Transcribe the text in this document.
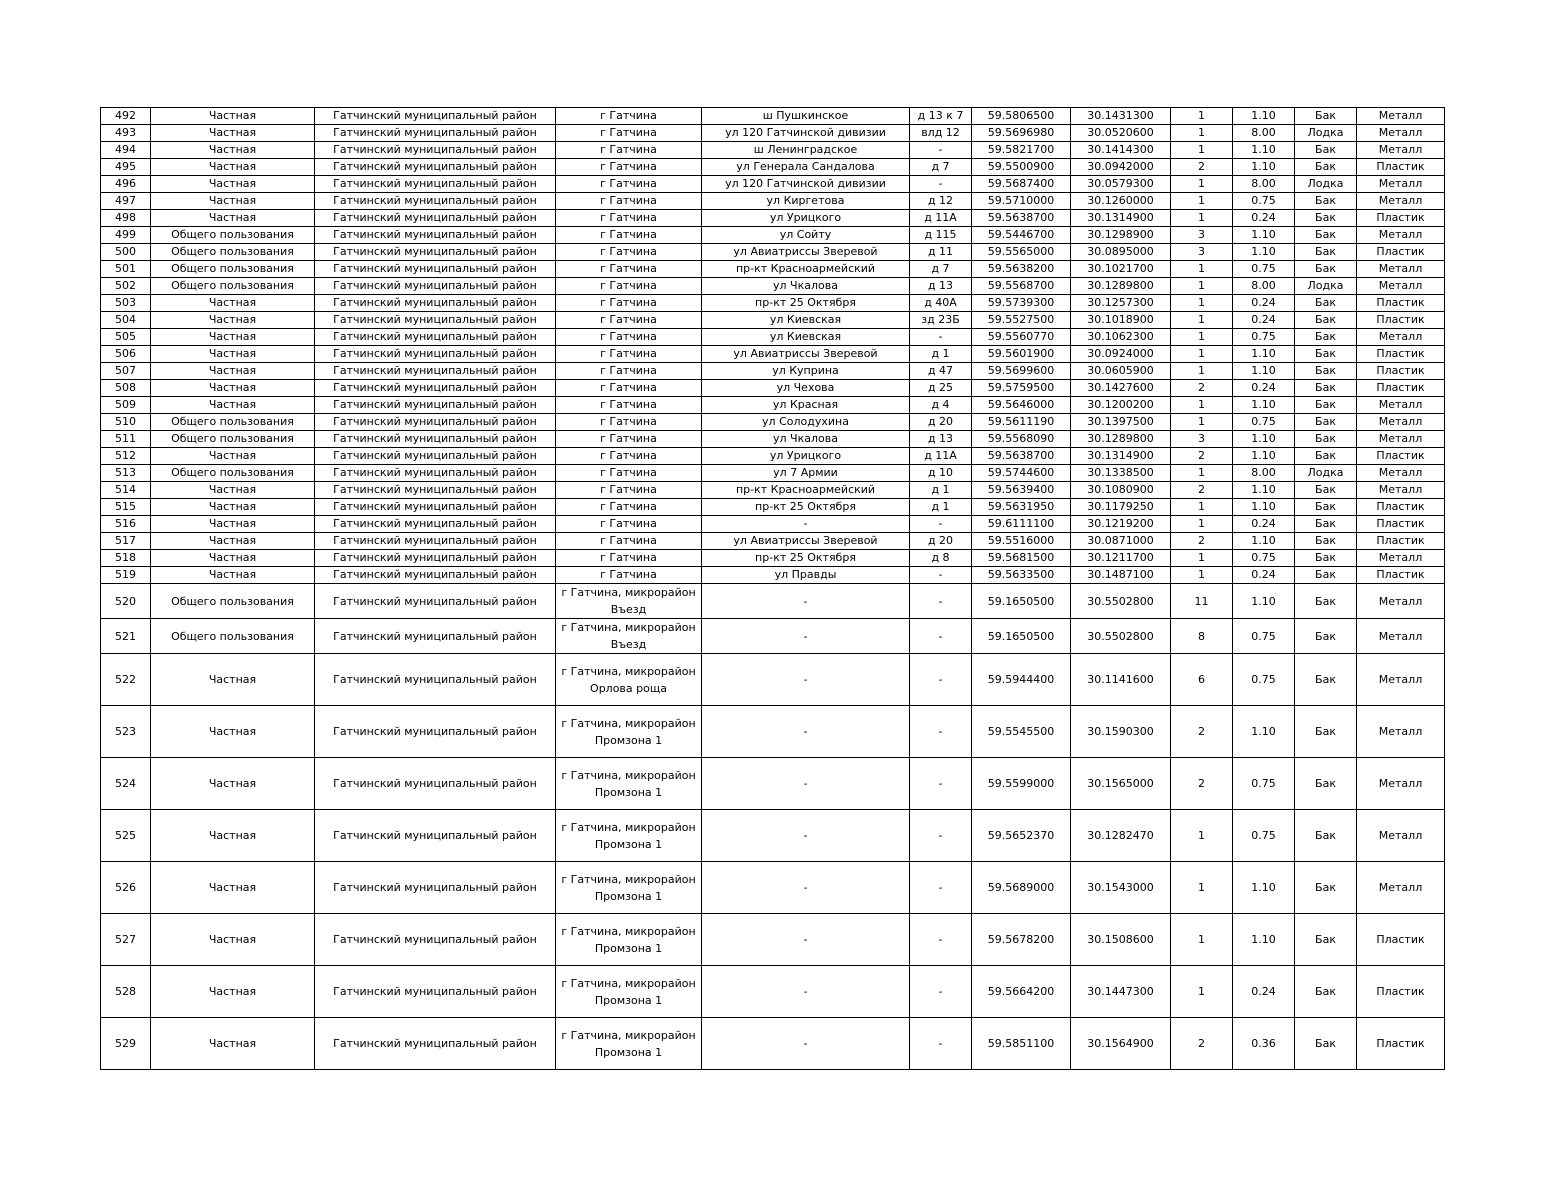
492	Частная	Гатчинский муниципальный район	г Гатчина	ш Пушкинское	д 13 к 7	59.5806500	30.1431300	1	1.10	Бак	Металл
493	Частная	Гатчинский муниципальный район	г Гатчина	ул 120 Гатчинской дивизии	влд 12	59.5696980	30.0520600	1	8.00	Лодка	Металл
494	Частная	Гатчинский муниципальный район	г Гатчина	ш Ленинградское	-	59.5821700	30.1414300	1	1.10	Бак	Металл
495	Частная	Гатчинский муниципальный район	г Гатчина	ул Генерала Сандалова	д 7	59.5500900	30.0942000	2	1.10	Бак	Пластик
496	Частная	Гатчинский муниципальный район	г Гатчина	ул 120 Гатчинской дивизии	-	59.5687400	30.0579300	1	8.00	Лодка	Металл
497	Частная	Гатчинский муниципальный район	г Гатчина	ул Киргетова	д 12	59.5710000	30.1260000	1	0.75	Бак	Металл
498	Частная	Гатчинский муниципальный район	г Гатчина	ул Урицкого	д 11А	59.5638700	30.1314900	1	0.24	Бак	Пластик
499	Общего пользования	Гатчинский муниципальный район	г Гатчина	ул Сойту	д 115	59.5446700	30.1298900	3	1.10	Бак	Металл
500	Общего пользования	Гатчинский муниципальный район	г Гатчина	ул Авиатриссы Зверевой	д 11	59.5565000	30.0895000	3	1.10	Бак	Пластик
501	Общего пользования	Гатчинский муниципальный район	г Гатчина	пр-кт Красноармейский	д 7	59.5638200	30.1021700	1	0.75	Бак	Металл
502	Общего пользования	Гатчинский муниципальный район	г Гатчина	ул Чкалова	д 13	59.5568700	30.1289800	1	8.00	Лодка	Металл
503	Частная	Гатчинский муниципальный район	г Гатчина	пр-кт 25 Октября	д 40А	59.5739300	30.1257300	1	0.24	Бак	Пластик
504	Частная	Гатчинский муниципальный район	г Гатчина	ул Киевская	зд 23Б	59.5527500	30.1018900	1	0.24	Бак	Пластик
505	Частная	Гатчинский муниципальный район	г Гатчина	ул Киевская	-	59.5560770	30.1062300	1	0.75	Бак	Металл
506	Частная	Гатчинский муниципальный район	г Гатчина	ул Авиатриссы Зверевой	д 1	59.5601900	30.0924000	1	1.10	Бак	Пластик
507	Частная	Гатчинский муниципальный район	г Гатчина	ул Куприна	д 47	59.5699600	30.0605900	1	1.10	Бак	Пластик
508	Частная	Гатчинский муниципальный район	г Гатчина	ул Чехова	д 25	59.5759500	30.1427600	2	0.24	Бак	Пластик
509	Частная	Гатчинский муниципальный район	г Гатчина	ул Красная	д 4	59.5646000	30.1200200	1	1.10	Бак	Металл
510	Общего пользования	Гатчинский муниципальный район	г Гатчина	ул Солодухина	д 20	59.5611190	30.1397500	1	0.75	Бак	Металл
511	Общего пользования	Гатчинский муниципальный район	г Гатчина	ул Чкалова	д 13	59.5568090	30.1289800	3	1.10	Бак	Металл
512	Частная	Гатчинский муниципальный район	г Гатчина	ул Урицкого	д 11А	59.5638700	30.1314900	2	1.10	Бак	Пластик
513	Общего пользования	Гатчинский муниципальный район	г Гатчина	ул 7 Армии	д 10	59.5744600	30.1338500	1	8.00	Лодка	Металл
514	Частная	Гатчинский муниципальный район	г Гатчина	пр-кт Красноармейский	д 1	59.5639400	30.1080900	2	1.10	Бак	Металл
515	Частная	Гатчинский муниципальный район	г Гатчина	пр-кт 25 Октября	д 1	59.5631950	30.1179250	1	1.10	Бак	Пластик
516	Частная	Гатчинский муниципальный район	г Гатчина	-	-	59.6111100	30.1219200	1	0.24	Бак	Пластик
517	Частная	Гатчинский муниципальный район	г Гатчина	ул Авиатриссы Зверевой	д 20	59.5516000	30.0871000	2	1.10	Бак	Пластик
518	Частная	Гатчинский муниципальный район	г Гатчина	пр-кт 25 Октября	д 8	59.5681500	30.1211700	1	0.75	Бак	Металл
519	Частная	Гатчинский муниципальный район	г Гатчина	ул Правды	-	59.5633500	30.1487100	1	0.24	Бак	Пластик
520	Общего пользования	Гатчинский муниципальный район	г Гатчина, микрорайон Въезд	-	-	59.1650500	30.5502800	11	1.10	Бак	Металл
521	Общего пользования	Гатчинский муниципальный район	г Гатчина, микрорайон Въезд	-	-	59.1650500	30.5502800	8	0.75	Бак	Металл
522	Частная	Гатчинский муниципальный район	г Гатчина, микрорайон Орлова роща	-	-	59.5944400	30.1141600	6	0.75	Бак	Металл
523	Частная	Гатчинский муниципальный район	г Гатчина, микрорайон Промзона 1	-	-	59.5545500	30.1590300	2	1.10	Бак	Металл
524	Частная	Гатчинский муниципальный район	г Гатчина, микрорайон Промзона 1	-	-	59.5599000	30.1565000	2	0.75	Бак	Металл
525	Частная	Гатчинский муниципальный район	г Гатчина, микрорайон Промзона 1	-	-	59.5652370	30.1282470	1	0.75	Бак	Металл
526	Частная	Гатчинский муниципальный район	г Гатчина, микрорайон Промзона 1	-	-	59.5689000	30.1543000	1	1.10	Бак	Металл
527	Частная	Гатчинский муниципальный район	г Гатчина, микрорайон Промзона 1	-	-	59.5678200	30.1508600	1	1.10	Бак	Пластик
528	Частная	Гатчинский муниципальный район	г Гатчина, микрорайон Промзона 1	-	-	59.5664200	30.1447300	1	0.24	Бак	Пластик
529	Частная	Гатчинский муниципальный район	г Гатчина, микрорайон Промзона 1	-	-	59.5851100	30.1564900	2	0.36	Бак	Пластик
